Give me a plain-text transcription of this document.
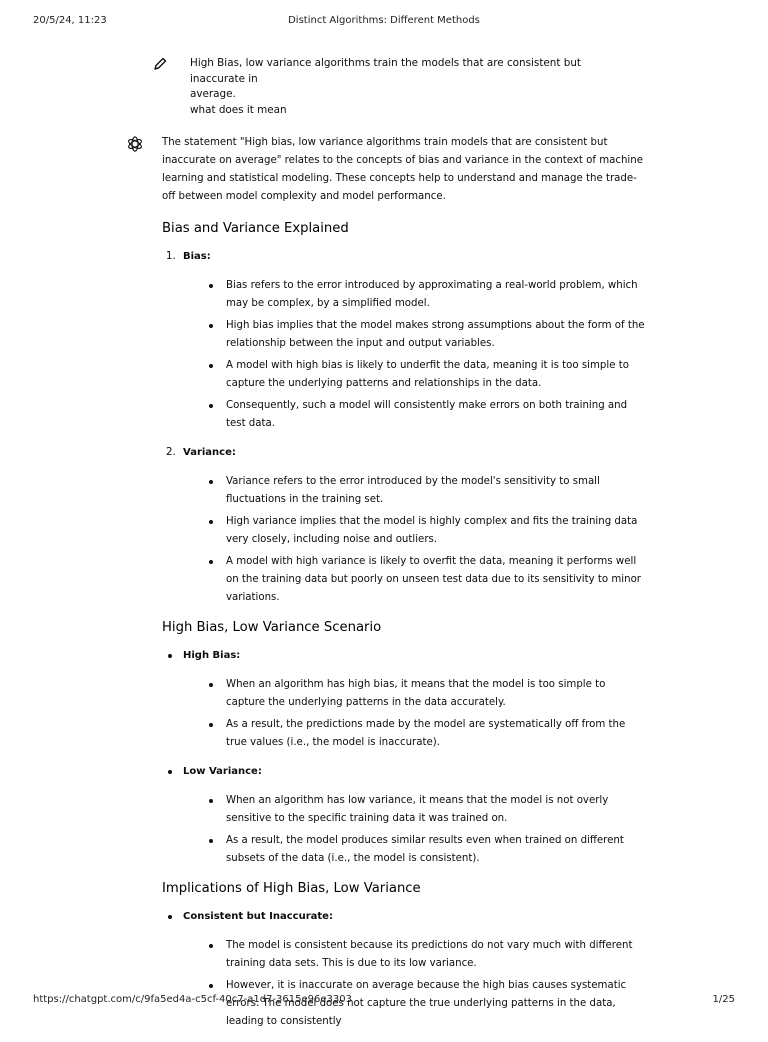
20/5/24, 11:23	Distinct Algorithms: Different Methods
High Bias, low variance algorithms train the models that are consistent but inaccurate in
average.
what does it mean

The statement "High bias, low variance algorithms train models that are consistent but inaccurate on average" relates to the concepts of bias and variance in the context of machine learning and statistical modeling. These concepts help to understand and manage the trade-off between model complexity and model performance.

Bias and Variance Explained
1. Bias:
Bias refers to the error introduced by approximating a real-world problem, which may be complex, by a simplified model.
High bias implies that the model makes strong assumptions about the form of the relationship between the input and output variables.
A model with high bias is likely to underfit the data, meaning it is too simple to capture the underlying patterns and relationships in the data.
Consequently, such a model will consistently make errors on both training and test data.
2. Variance:
Variance refers to the error introduced by the model's sensitivity to small fluctuations in the training set.
High variance implies that the model is highly complex and fits the training data very closely, including noise and outliers.
A model with high variance is likely to overfit the data, meaning it performs well on the training data but poorly on unseen test data due to its sensitivity to minor variations.
High Bias, Low Variance Scenario
High Bias:
When an algorithm has high bias, it means that the model is too simple to capture the underlying patterns in the data accurately.
As a result, the predictions made by the model are systematically off from the true values (i.e., the model is inaccurate).
Low Variance:
When an algorithm has low variance, it means that the model is not overly sensitive to the specific training data it was trained on.
As a result, the model produces similar results even when trained on different subsets of the data (i.e., the model is consistent).
Implications of High Bias, Low Variance
Consistent but Inaccurate:
The model is consistent because its predictions do not vary much with different training data sets. This is due to its low variance.
However, it is inaccurate on average because the high bias causes systematic errors. The model does not capture the true underlying patterns in the data, leading to consistently
https://chatgpt.com/c/9fa5ed4a-c5cf-40c7-a1d7-3615e96e3303	1/25
